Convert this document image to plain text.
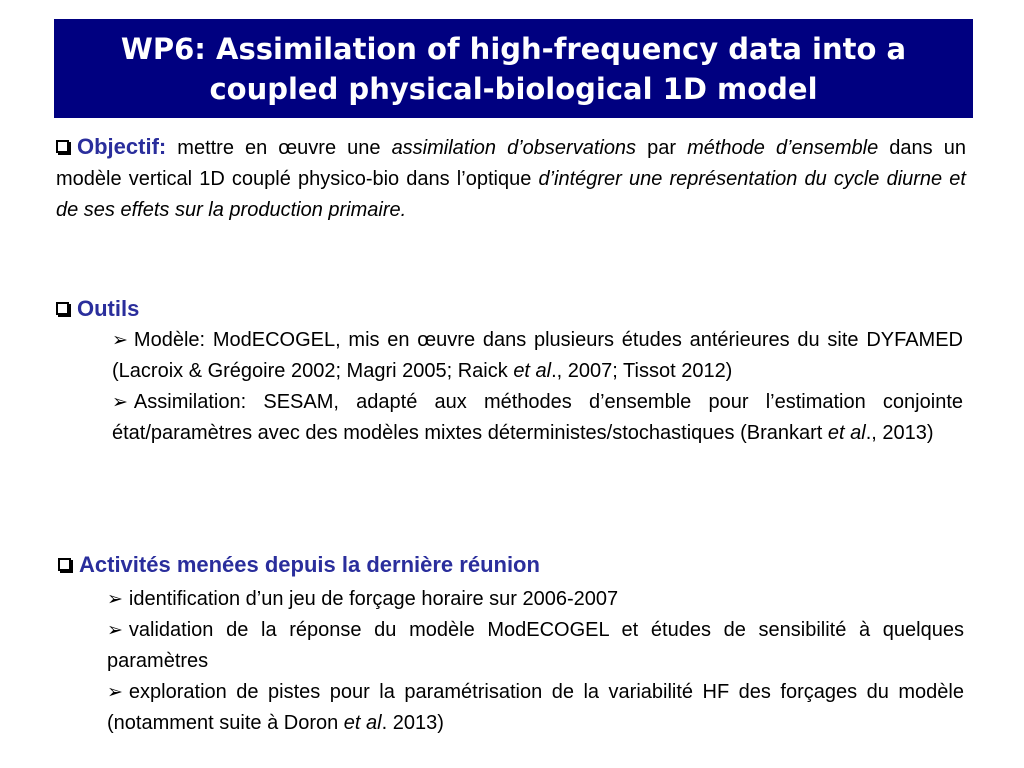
WP6: Assimilation of high-frequency data into a
coupled physical-biological 1D model
Objectif: mettre en œuvre une assimilation d’observations par méthode d’ensemble dans un modèle vertical 1D couplé physico-bio dans l’optique d’intégrer une représentation du cycle diurne et de ses effets sur la production primaire.
Outils
➢ Modèle: ModECOGEL, mis en œuvre dans plusieurs études antérieures du site DYFAMED (Lacroix & Grégoire 2002; Magri 2005; Raick et al., 2007; Tissot 2012)
➢ Assimilation: SESAM, adapté aux méthodes d’ensemble pour l’estimation conjointe état/paramètres avec des modèles mixtes déterministes/stochastiques (Brankart et al., 2013)
Activités menées depuis la dernière réunion
➢ identification d’un jeu de forçage horaire sur 2006-2007
➢ validation de la réponse du modèle ModECOGEL et études de sensibilité à quelques paramètres
➢ exploration de pistes pour la paramétrisation de la variabilité HF des forçages du modèle (notamment suite à Doron et al. 2013)
